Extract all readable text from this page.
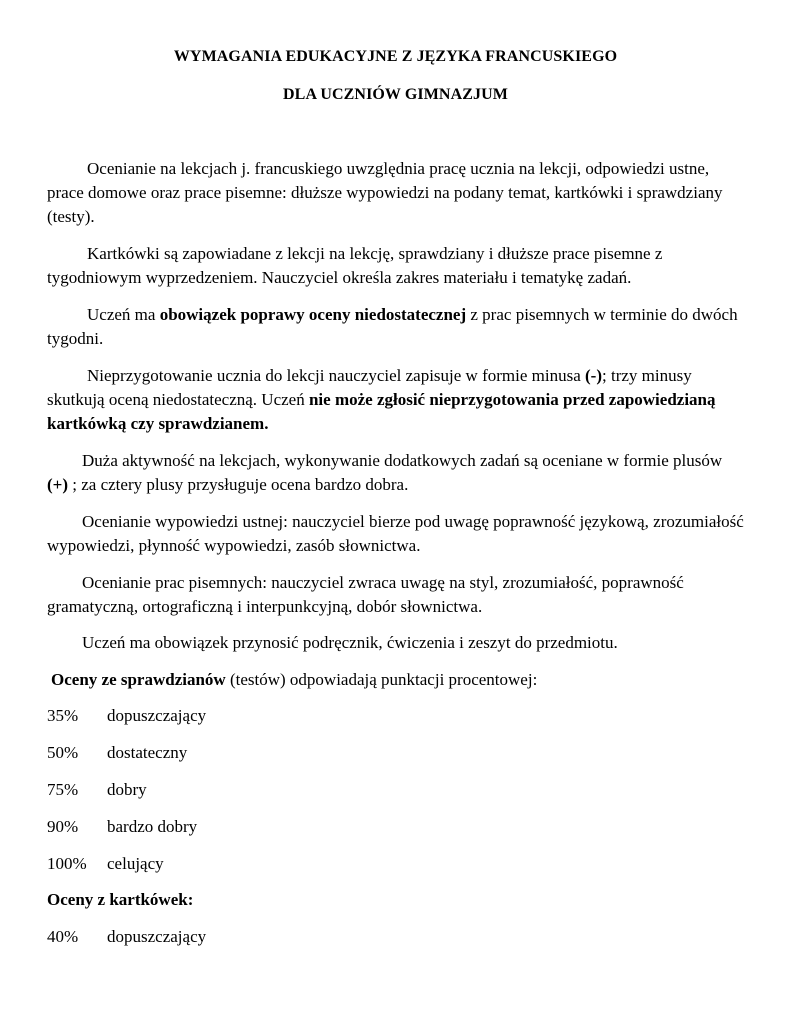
WYMAGANIA EDUKACYJNE Z JĘZYKA FRANCUSKIEGO
DLA UCZNIÓW GIMNAZJUM

Ocenianie na lekcjach j. francuskiego uwzględnia pracę ucznia na lekcji, odpowiedzi ustne, prace domowe oraz prace pisemne: dłuższe wypowiedzi na podany temat, kartkówki i sprawdziany (testy).

Kartkówki są zapowiadane z lekcji na lekcję, sprawdziany i dłuższe prace pisemne z tygodniowym wyprzedzeniem. Nauczyciel określa zakres materiału i tematykę zadań.

Uczeń ma obowiązek poprawy oceny niedostatecznej z prac pisemnych w terminie do dwóch tygodni.

Nieprzygotowanie ucznia do lekcji nauczyciel zapisuje w formie minusa (-); trzy minusy skutkują oceną niedostateczną. Uczeń nie może zgłosić nieprzygotowania przed zapowiedzianą kartkówką czy sprawdzianem.

Duża aktywność na lekcjach, wykonywanie dodatkowych zadań są oceniane w formie plusów (+) ; za cztery plusy przysługuje ocena bardzo dobra.

Ocenianie wypowiedzi ustnej: nauczyciel bierze pod uwagę poprawność językową, zrozumiałość wypowiedzi, płynność wypowiedzi, zasób słownictwa.

Ocenianie prac pisemnych: nauczyciel zwraca uwagę na styl, zrozumiałość, poprawność gramatyczną, ortograficzną i interpunkcyjną, dobór słownictwa.

Uczeń ma obowiązek przynosić podręcznik, ćwiczenia i zeszyt do przedmiotu.

Oceny ze sprawdzianów (testów) odpowiadają punktacji procentowej:
35% dopuszczający
50% dostateczny
75% dobry
90% bardzo dobry
100% celujący
Oceny z kartkówek:
40% dopuszczający
